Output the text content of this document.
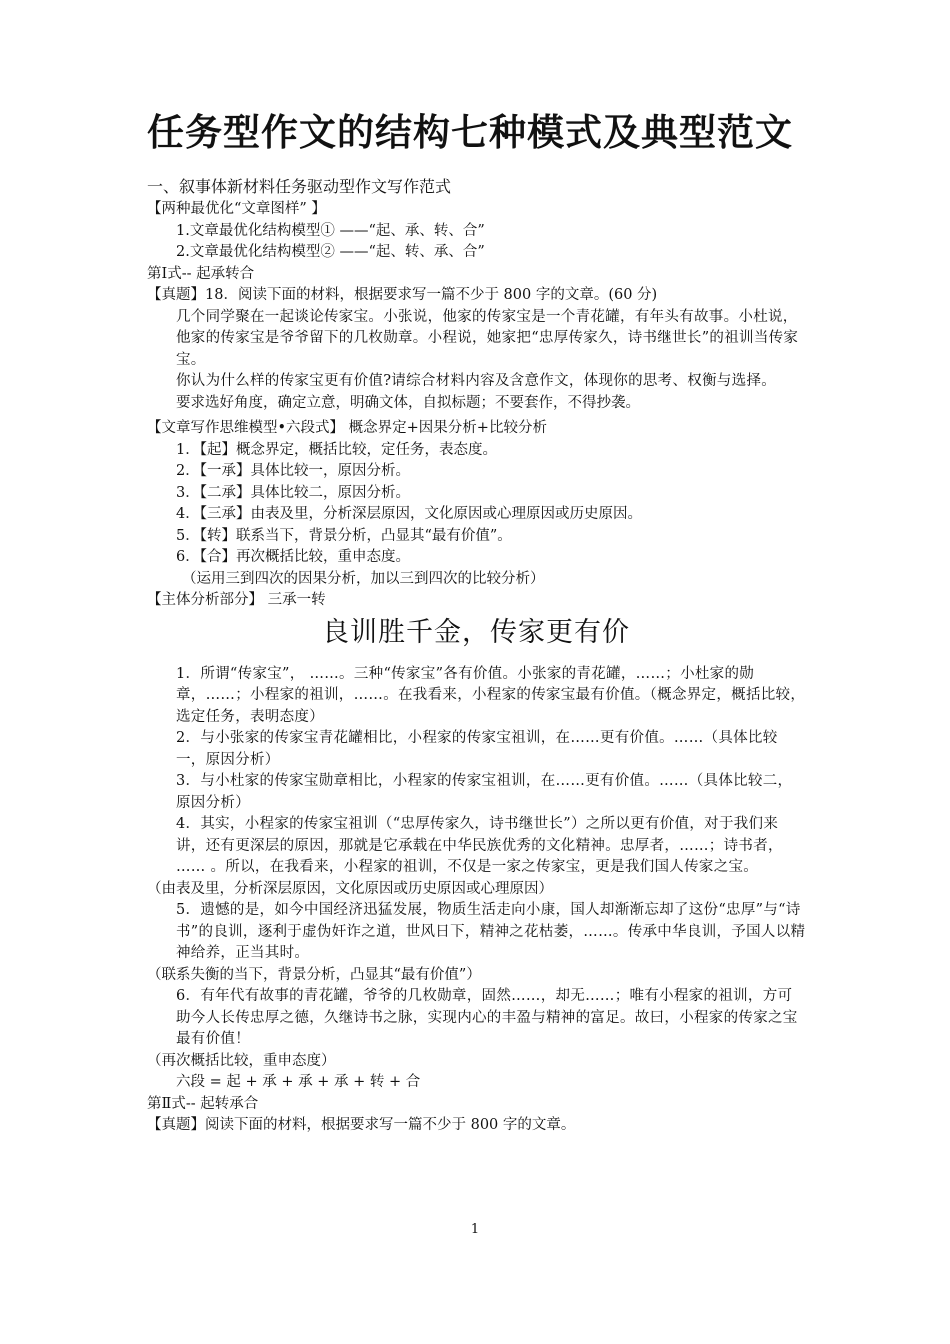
任务型作文的结构七种模式及典型范文

一、叙事体新材料任务驱动型作文写作范式

【两种最优化“文章图样” 】

1.文章最优化结构模型① ——“起、承、转、合”

2.文章最优化结构模型② ——“起、转、承、合”

第Ⅰ式-- 起承转合

【真题】18．阅读下面的材料，根据要求写一篇不少于 800 字的文章。(60 分)

几个同学聚在一起谈论传家宝。小张说，他家的传家宝是一个青花罐，有年头有故事。小杜说，他家的传家宝是爷爷留下的几枚勋章。小程说，她家把“忠厚传家久，诗书继世长”的祖训当传家宝。

你认为什么样的传家宝更有价值?请综合材料内容及含意作文，体现你的思考、权衡与选择。

要求选好角度，确定立意，明确文体，自拟标题；不要套作，不得抄袭。

【文章写作思维模型•六段式】 概念界定+因果分析+比较分析

1．【起】概念界定，概括比较，定任务，表态度。

2．【一承】具体比较一，原因分析。

3．【二承】具体比较二，原因分析。

4．【三承】由表及里，分析深层原因，文化原因或心理原因或历史原因。

5．【转】联系当下，背景分析，凸显其“最有价值”。

6．【合】再次概括比较，重申态度。

（运用三到四次的因果分析，加以三到四次的比较分析）

【主体分析部分】 三承一转

良训胜千金，传家更有价

1．所谓“传家宝”， ……。三种“传家宝”各有价值。小张家的青花罐，……；小杜家的勋章，……；小程家的祖训，……。在我看来，小程家的传家宝最有价值。（概念界定，概括比较，选定任务，表明态度）

2．与小张家的传家宝青花罐相比，小程家的传家宝祖训，在……更有价值。……（具体比较一，原因分析）

3．与小杜家的传家宝勋章相比，小程家的传家宝祖训，在……更有价值。……（具体比较二，原因分析）

4．其实，小程家的传家宝祖训（“忠厚传家久，诗书继世长”）之所以更有价值，对于我们来讲，还有更深层的原因，那就是它承载在中华民族优秀的文化精神。忠厚者，……；诗书者， …… 。所以，在我看来，小程家的祖训，不仅是一家之传家宝，更是我们国人传家之宝。

（由表及里，分析深层原因，文化原因或历史原因或心理原因）

5．遗憾的是，如今中国经济迅猛发展，物质生活走向小康，国人却渐渐忘却了这份“忠厚”与“诗书”的良训，逐利于虚伪奸诈之道，世风日下，精神之花枯萎，……。传承中华良训，予国人以精神给养，正当其时。

（联系失衡的当下，背景分析，凸显其“最有价值”）

6．有年代有故事的青花罐，爷爷的几枚勋章，固然……，却无……；唯有小程家的祖训，方可助今人长传忠厚之德，久继诗书之脉，实现内心的丰盈与精神的富足。故曰，小程家的传家之宝最有价值！

（再次概括比较，重申态度）

六段 = 起 + 承 + 承 + 承 + 转 + 合

第Ⅱ式-- 起转承合

【真题】阅读下面的材料，根据要求写一篇不少于 800 字的文章。

1
